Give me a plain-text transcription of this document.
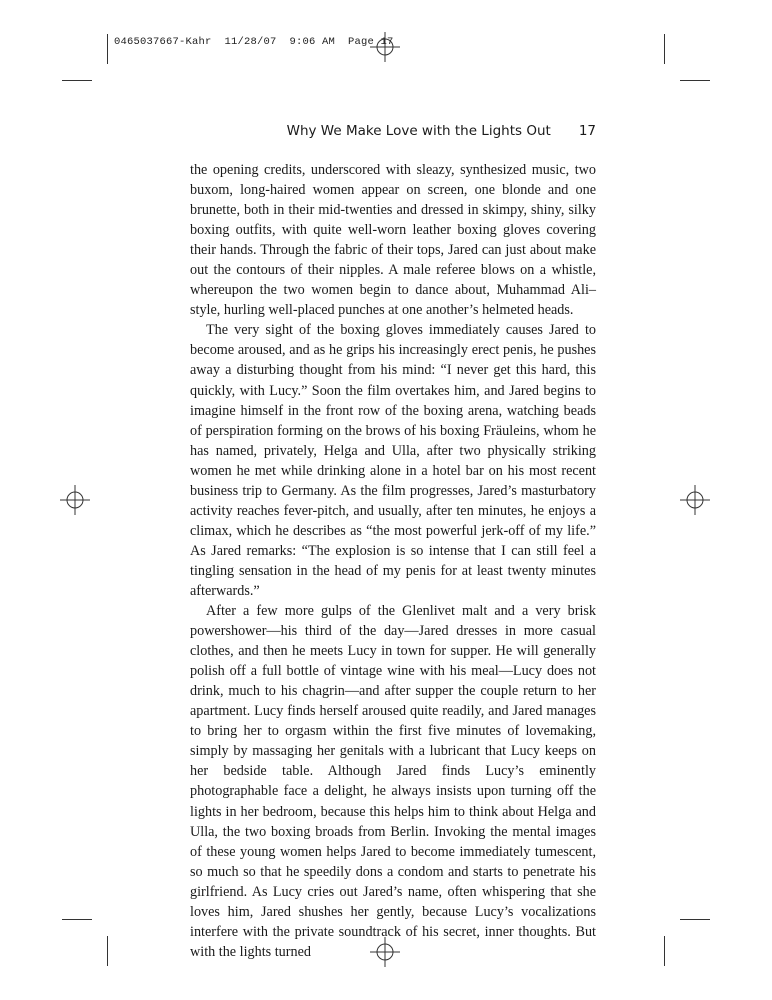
0465037667-Kahr  11/28/07  9:06 AM  Page 17
Why We Make Love with the Lights Out 17

the opening credits, underscored with sleazy, synthesized music, two buxom, long-haired women appear on screen, one blonde and one brunette, both in their mid-twenties and dressed in skimpy, shiny, silky boxing outfits, with quite well-worn leather boxing gloves covering their hands. Through the fabric of their tops, Jared can just about make out the contours of their nipples. A male referee blows on a whistle, whereupon the two women begin to dance about, Muhammad Ali–style, hurling well-placed punches at one another’s helmeted heads.

The very sight of the boxing gloves immediately causes Jared to become aroused, and as he grips his increasingly erect penis, he pushes away a disturbing thought from his mind: “I never get this hard, this quickly, with Lucy.” Soon the film overtakes him, and Jared begins to imagine himself in the front row of the boxing arena, watching beads of perspiration forming on the brows of his boxing Fräuleins, whom he has named, privately, Helga and Ulla, after two physically striking women he met while drinking alone in a hotel bar on his most recent business trip to Germany. As the film progresses, Jared’s masturbatory activity reaches fever-pitch, and usually, after ten minutes, he enjoys a climax, which he describes as “the most powerful jerk-off of my life.” As Jared remarks: “The explosion is so intense that I can still feel a tingling sensation in the head of my penis for at least twenty minutes afterwards.”

After a few more gulps of the Glenlivet malt and a very brisk powershower—his third of the day—Jared dresses in more casual clothes, and then he meets Lucy in town for supper. He will generally polish off a full bottle of vintage wine with his meal—Lucy does not drink, much to his chagrin—and after supper the couple return to her apartment. Lucy finds herself aroused quite readily, and Jared manages to bring her to orgasm within the first five minutes of lovemaking, simply by massaging her genitals with a lubricant that Lucy keeps on her bedside table. Although Jared finds Lucy’s eminently photographable face a delight, he always insists upon turning off the lights in her bedroom, because this helps him to think about Helga and Ulla, the two boxing broads from Berlin. Invoking the mental images of these young women helps Jared to become immediately tumescent, so much so that he speedily dons a condom and starts to penetrate his girlfriend. As Lucy cries out Jared’s name, often whispering that she loves him, Jared shushes her gently, because Lucy’s vocalizations interfere with the private soundtrack of his secret, inner thoughts. But with the lights turned
